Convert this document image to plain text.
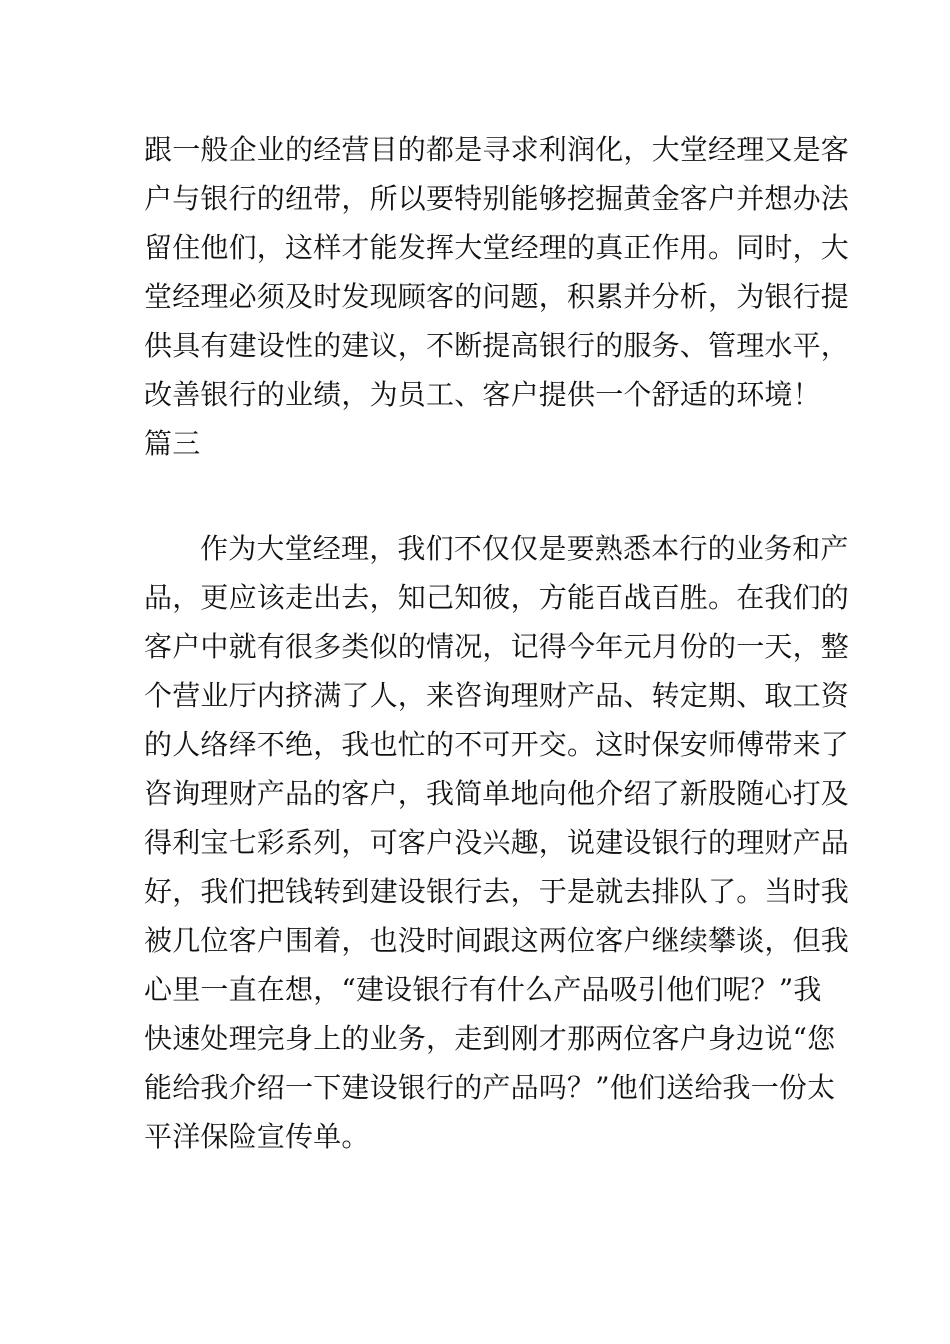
跟一般企业的经营目的都是寻求利润化，大堂经理又是客
户与银行的纽带，所以要特别能够挖掘黄金客户并想办法
留住他们，这样才能发挥大堂经理的真正作用。同时，大
堂经理必须及时发现顾客的问题，积累并分析，为银行提
供具有建设性的建议，不断提高银行的服务、管理水平，
改善银行的业绩，为员工、客户提供一个舒适的环境！
篇三
作为大堂经理，我们不仅仅是要熟悉本行的业务和产
品，更应该走出去，知己知彼，方能百战百胜。在我们的
客户中就有很多类似的情况，记得今年元月份的一天，整
个营业厅内挤满了人，来咨询理财产品、转定期、取工资
的人络绎不绝，我也忙的不可开交。这时保安师傅带来了
咨询理财产品的客户，我简单地向他介绍了新股随心打及
得利宝七彩系列，可客户没兴趣，说建设银行的理财产品
好，我们把钱转到建设银行去，于是就去排队了。当时我
被几位客户围着，也没时间跟这两位客户继续攀谈，但我
心里一直在想，“建设银行有什么产品吸引他们呢？”我
快速处理完身上的业务，走到刚才那两位客户身边说“您
能给我介绍一下建设银行的产品吗？”他们送给我一份太
平洋保险宣传单。
